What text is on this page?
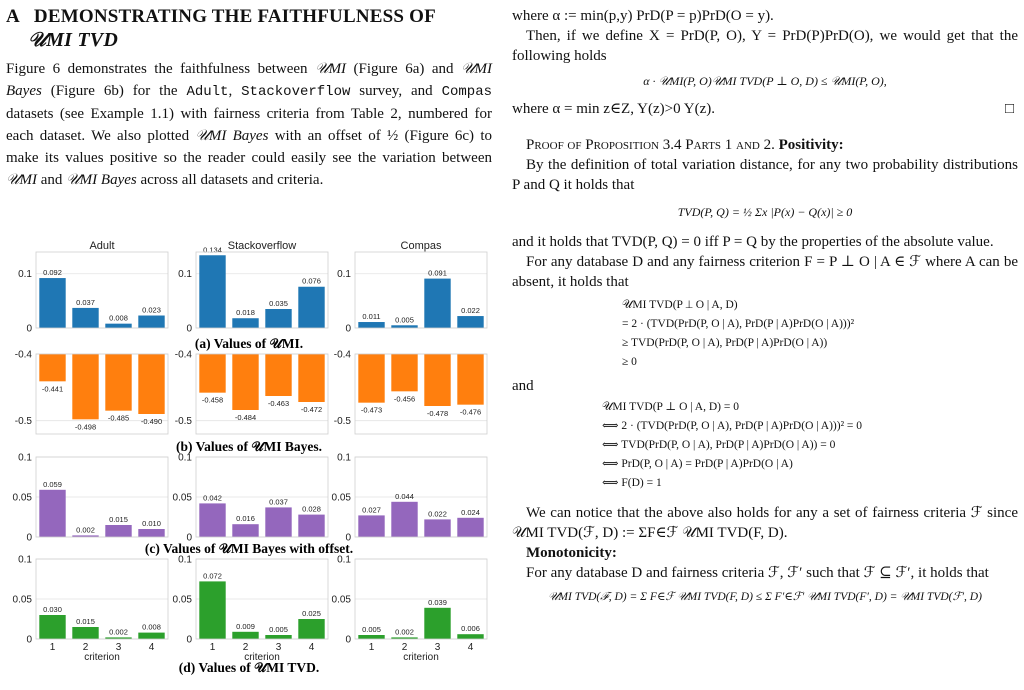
A DEMONSTRATING THE FAITHFULNESS OF
𝒰MI TVD
Figure 6 demonstrates the faithfulness between 𝒰MI (Figure 6a) and 𝒰MI Bayes (Figure 6b) for the Adult, Stackoverflow survey, and Compas datasets (see Example 1.1) with fairness criteria from Table 2, numbered for each dataset. We also plotted 𝒰MI Bayes with an offset of ½ (Figure 6c) to make its values positive so the reader could easily see the variation between 𝒰MI and 𝒰MI Bayes across all datasets and criteria.
Adult
0.1
0
0.092
0.037
0.008
0.023
Stackoverflow
0.1
0
0.134
0.018
0.035
0.076
Compas
0.1
0
0.011 0.005
0.091
0.022
(a) Values of 𝒰MI.
-0.4
-0.5
-0.441
-0.498
-0.485 -0.490
-0.4
-0.5
-0.458
-0.484
-0.463
-0.472
-0.4
-0.5
-0.473
-0.456
-0.478 -0.476
(b) Values of 𝒰MI Bayes.
0.1
0.05
0
0.059
0.002
0.015 0.010
0.1
0.05
0
0.042
0.016
0.037
0.028
0.1
0.05
0
0.027
0.044
0.022 0.024
(c) Values of 𝒰MI Bayes with offset.
0.1
0.05
0
0.030
1
0.015
2
0.002
3
0.008
4
criterion
0.1
0.05
0
0.072
1
0.009
2
0.005
3
0.025
4
criterion
0.1
0.05
0
0.005
1
0.002
2
0.039
3
0.006
4
criterion
(d) Values of 𝒰MI TVD.

where α := min(p,y) PrD(P = p)PrD(O = y).

Then, if we define X = PrD(P, O), Y = PrD(P)PrD(O), we would get that the following holds

α · 𝒰MI(P, O)𝒰MI TVD(P ⊥ O, D) ≤ 𝒰MI(P, O),

where α = min z∈Z, Y(z)>0 Y(z).	□

Proof of Proposition 3.4 Parts 1 and 2. Positivity:

By the definition of total variation distance, for any two probability distributions P and Q it holds that

TVD(P, Q) = ½ Σx |P(x) − Q(x)| ≥ 0

and it holds that TVD(P, Q) = 0 iff P = Q by the properties of the absolute value.

For any database D and any fairness criterion F = P ⊥ O | A ∈ ℱ where A can be absent, it holds that

𝒰MI TVD(P ⊥ O | A, D)
= 2 · (TVD(PrD(P, O | A), PrD(P | A)PrD(O | A)))²
≥ TVD(PrD(P, O | A), PrD(P | A)PrD(O | A))
≥ 0

and

𝒰MI TVD(P ⊥ O | A, D) = 0
⟺ 2 · (TVD(PrD(P, O | A), PrD(P | A)PrD(O | A)))² = 0
⟺ TVD(PrD(P, O | A), PrD(P | A)PrD(O | A)) = 0
⟺ PrD(P, O | A) = PrD(P | A)PrD(O | A)
⟺ F(D) = 1

We can notice that the above also holds for any a set of fairness criteria ℱ since 𝒰MI TVD(ℱ, D) := ΣF∈ℱ 𝒰MI TVD(F, D).

Monotonicity:

For any database D and fairness criteria ℱ, ℱ′ such that ℱ ⊆ ℱ′, it holds that

𝒰MI TVD(ℱ, D) = Σ F∈ℱ 𝒰MI TVD(F, D) ≤ Σ F′∈ℱ′ 𝒰MI TVD(F′, D) = 𝒰MI TVD(ℱ′, D)
